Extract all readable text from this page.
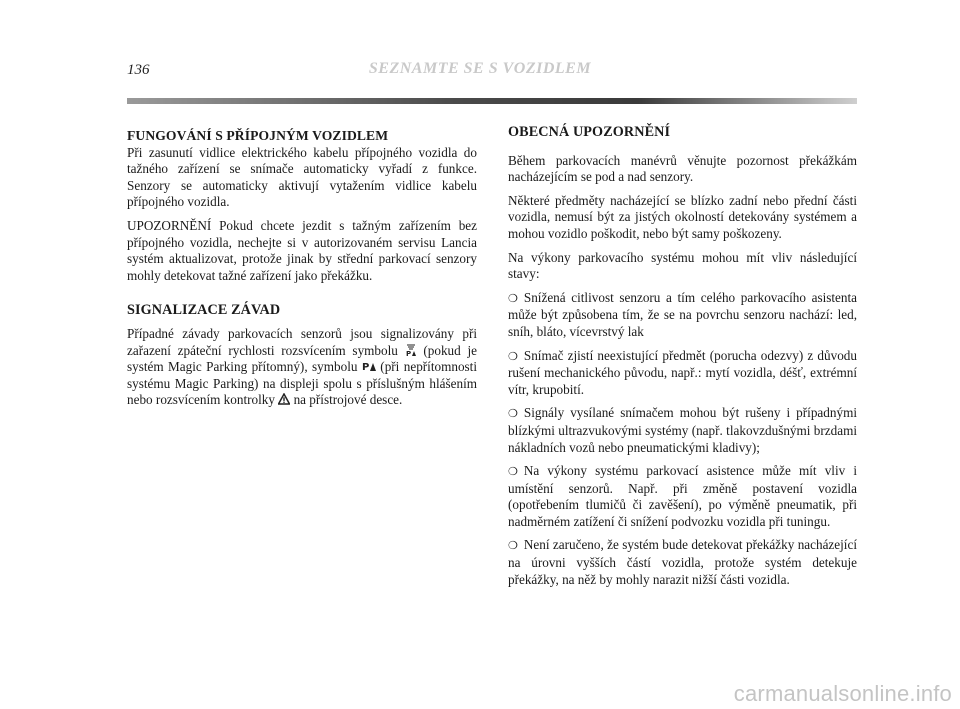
136	SEZNAMTE SE S VOZIDLEM
FUNGOVÁNÍ S PŘÍPOJNÝM VOZIDLEM

Při zasunutí vidlice elektrického kabelu přípojného vozidla do tažného zařízení se snímače automaticky vyřadí z funkce. Senzory se automaticky aktivují vytažením vidlice kabelu přípojného vozidla.

UPOZORNĚNÍ Pokud chcete jezdit s tažným zařízením bez přípojného vozidla, nechejte si v autorizovaném servisu Lancia systém aktualizovat, protože jinak by střední parkovací senzory mohly detekovat tažné zařízení jako překážku.

SIGNALIZACE ZÁVAD

Případné závady parkovacích senzorů jsou signalizovány při zařazení zpáteční rychlosti rozsvícením symbolu P (pokud je systém Magic Parking přítomný), symbolu P (při nepřítomnosti systému Magic Parking) na displeji spolu s příslušným hlášením nebo rozsvícením kontrolky na přístrojové desce.

OBECNÁ UPOZORNĚNÍ

Během parkovacích manévrů věnujte pozornost překážkám nacházejícím se pod a nad senzory.

Některé předměty nacházející se blízko zadní nebo přední části vozidla, nemusí být za jistých okolností detekovány systémem a mohou vozidlo poškodit, nebo být samy poškozeny.

Na výkony parkovacího systému mohou mít vliv následující stavy:

❍ Snížená citlivost senzoru a tím celého parkovacího asistenta může být způsobena tím, že se na povrchu senzoru nachází: led, sníh, bláto, vícevrstvý lak

❍ Snímač zjistí neexistující předmět (porucha odezvy) z důvodu rušení mechanického původu, např.: mytí vozidla, déšť, extrémní vítr, krupobití.

❍ Signály vysílané snímačem mohou být rušeny i případnými blízkými ultrazvukovými systémy (např. tlakovzdušnými brzdami nákladních vozů nebo pneumatickými kladivy);

❍ Na výkony systému parkovací asistence může mít vliv i umístění senzorů. Např. při změně postavení vozidla (opotřebením tlumičů či zavěšení), po výměně pneumatik, při nadměrném zatížení či snížení podvozku vozidla při tuningu.

❍ Není zaručeno, že systém bude detekovat překážky nacházející na úrovni vyšších částí vozidla, protože systém detekuje překážky, na něž by mohly narazit nižší části vozidla.

carmanualsonline.info
